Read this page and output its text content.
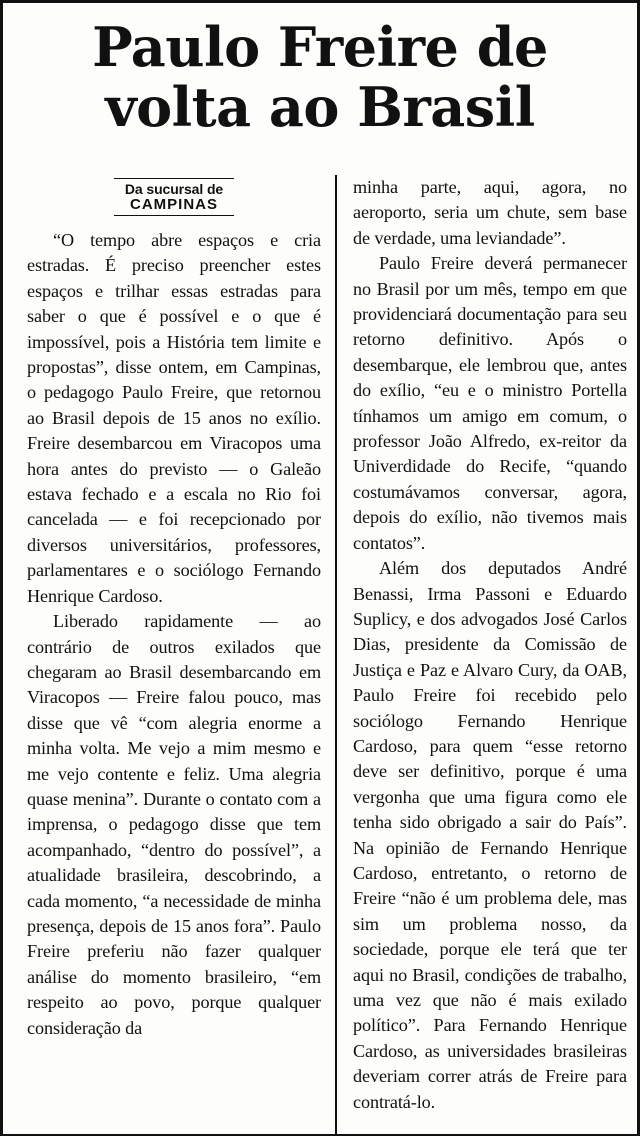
Paulo Freire de
volta ao Brasil
Da sucursal de
CAMPINAS

“O tempo abre espaços e cria estradas. É preciso preencher estes espaços e trilhar essas estradas para saber o que é possível e o que é impossível, pois a História tem limite e propostas”, disse ontem, em Campinas, o pedagogo Paulo Freire, que retornou ao Brasil depois de 15 anos no exílio. Freire desembarcou em Viracopos uma hora antes do previsto — o Galeão estava fechado e a escala no Rio foi cancelada — e foi recepcionado por diversos universitários, professores, parlamentares e o sociólogo Fernando Henrique Cardoso.

Liberado rapidamente — ao contrário de outros exilados que chegaram ao Brasil desembarcando em Viracopos — Freire falou pouco, mas disse que vê “com alegria enorme a minha volta. Me vejo a mim mesmo e me vejo contente e feliz. Uma alegria quase menina”. Durante o contato com a imprensa, o pedagogo disse que tem acompanhado, “dentro do possível”, a atualidade brasileira, descobrindo, a cada momento, “a necessidade de minha presença, depois de 15 anos fora”. Paulo Freire preferiu não fazer qualquer análise do momento brasileiro, “em respeito ao povo, porque qualquer consideração da

minha parte, aqui, agora, no aeroporto, seria um chute, sem base de verdade, uma leviandade”.

Paulo Freire deverá permanecer no Brasil por um mês, tempo em que providenciará documentação para seu retorno definitivo. Após o desembarque, ele lembrou que, antes do exílio, “eu e o ministro Portella tínhamos um amigo em comum, o professor João Alfredo, ex-reitor da Univerdidade do Recife, “quando costumávamos conversar, agora, depois do exílio, não tivemos mais contatos”.

Além dos deputados André Benassi, Irma Passoni e Eduardo Suplicy, e dos advogados José Carlos Dias, presidente da Comissão de Justiça e Paz e Alvaro Cury, da OAB, Paulo Freire foi recebido pelo sociólogo Fernando Henrique Cardoso, para quem “esse retorno deve ser definitivo, porque é uma vergonha que uma figura como ele tenha sido obrigado a sair do País”. Na opinião de Fernando Henrique Cardoso, entretanto, o retorno de Freire “não é um problema dele, mas sim um problema nosso, da sociedade, porque ele terá que ter aqui no Brasil, condições de trabalho, uma vez que não é mais exilado político”. Para Fernando Henrique Cardoso, as universidades brasileiras deveriam correr atrás de Freire para contratá-lo.
